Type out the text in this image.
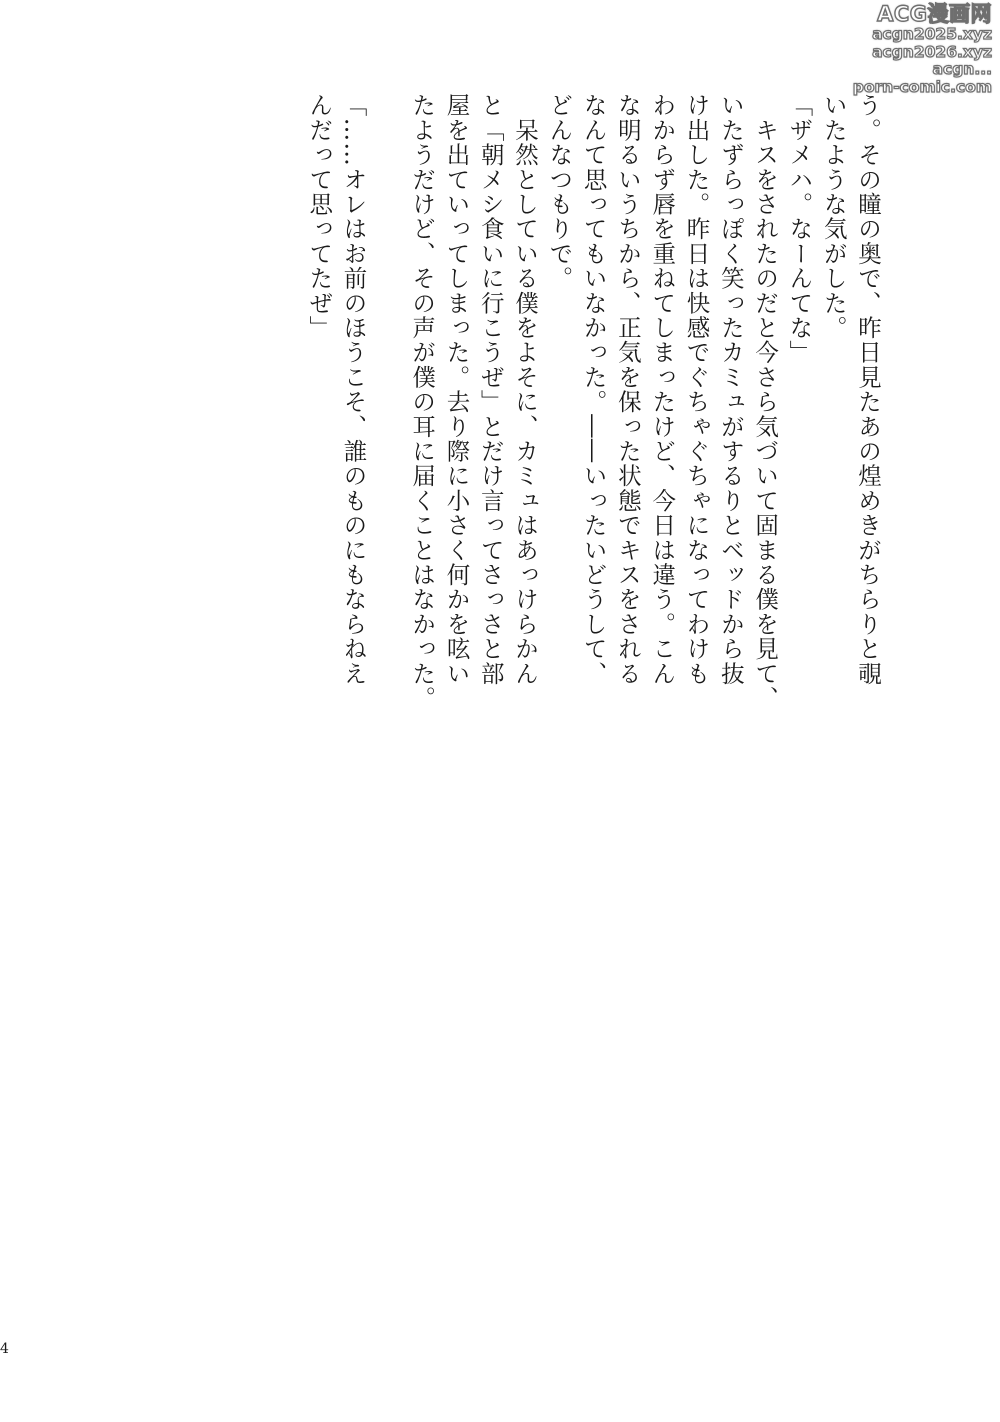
ACG漫画网
acgn2025.xyz
acgn2026.xyz
acgn...
porn-comic.com
う。その瞳の奥で、昨日見たあの煌めきがちらりと覗
いたような気がした。
「ザメハ。なーんてな」
　キスをされたのだと今さら気づいて固まる僕を見て、
いたずらっぽく笑ったカミュがするりとベッドから抜
け出した。昨日は快感でぐちゃぐちゃになってわけも
わからず唇を重ねてしまったけど、今日は違う。こん
な明るいうちから、正気を保った状態でキスをされる
なんて思ってもいなかった。――いったいどうして、
どんなつもりで。
　呆然としている僕をよそに、カミュはあっけらかん
と「朝メシ食いに行こうぜ」とだけ言ってさっさと部
屋を出ていってしまった。去り際に小さく何かを呟い
たようだけど、その声が僕の耳に届くことはなかった。

「……オレはお前のほうこそ、誰のものにもならねえ
んだって思ってたぜ」
4
